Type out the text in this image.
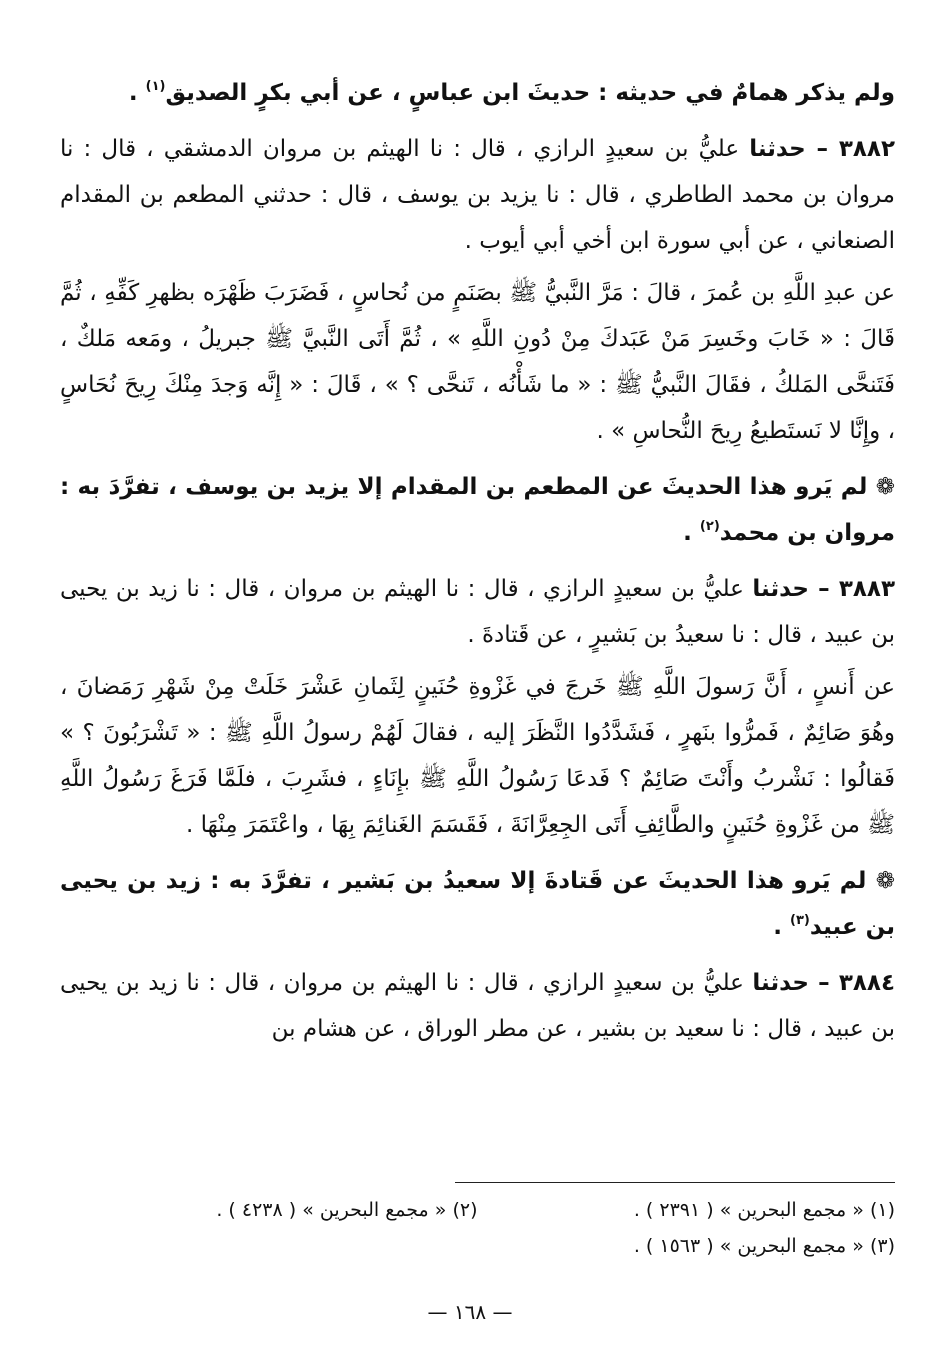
ولم يذكر همامٌ في حديثه : حديثَ ابن عباسٍ ، عن أبي بكرٍ الصديق$^{(١)}$ .

٣٨٨٢ – حدثنا عليُّ بن سعيدٍ الرازي ، قال : نا الهيثم بن مروان الدمشقي ، قال : نا مروان بن محمد الطاطري ، قال : نا يزيد بن يوسف ، قال : حدثني المطعم بن المقدام الصنعاني ، عن أبي سورة ابن أخي أبي أيوب .

عن عبدِ اللَّهِ بن عُمرَ ، قالَ : مَرَّ النَّبيُّ ﷺ بصَنَمٍ من نُحاسٍ ، فَضَرَبَ ظَهْرَه بظهرِ كَفِّهِ ، ثُمَّ قَالَ : « خَابَ وخَسِرَ مَنْ عَبَدكَ مِنْ دُونِ اللَّهِ » ، ثُمَّ أَتَى النَّبيَّ ﷺ جبريلُ ، ومَعه مَلكٌ ، فَتَنحَّى المَلكُ ، فقَالَ النَّبيُّ ﷺ : « ما شَأْنُه ، تَنحَّى ؟ » ، قَالَ : « إِنَّه وَجدَ مِنْكَ رِيحَ نُحَاسٍ ، وإِنَّا لا نَستَطيعُ رِيحَ النُّحاسِ » .

❁ لم يَرو هذا الحديثَ عن المطعم بن المقدام إلا يزيد بن يوسف ، تفرَّدَ به : مروان بن محمد$^{(٢)}$ .

٣٨٨٣ – حدثنا عليُّ بن سعيدٍ الرازي ، قال : نا الهيثم بن مروان ، قال : نا زيد بن يحيى بن عبيد ، قال : نا سعيدُ بن بَشيرٍ ، عن قَتادةَ .

عن أَنسٍ ، أَنَّ رَسولَ اللَّهِ ﷺ خَرجَ في غَزْوةِ حُنَينٍ لِثَمانِ عَشْرَ خَلَتْ مِنْ شَهْرِ رَمَضانَ ، وهُوَ صَائِمٌ ، فَمرُّوا بنَهرٍ ، فَشَدَّدُوا النَّظَرَ إليه ، فقالَ لَهُمْ رسولُ اللَّهِ ﷺ : « تَشْرَبُونَ ؟ » فَقالُوا : نَشْربُ وأَنْتَ صَائِمٌ ؟ فَدعَا رَسُولُ اللَّهِ ﷺ بإِنَاءٍ ، فشَرِبَ ، فلَمَّا فَرَغَ رَسُولُ اللَّهِ ﷺ من غَزْوةِ حُنَينٍ والطَّائِفِ أَتَى الجِعِرَّانَةَ ، فَقَسَمَ الغَنائِمَ بِهَا ، واعْتَمَرَ مِنْهَا .

❁ لم يَرو هذا الحديثَ عن قَتادةَ إلا سعيدُ بن بَشير ، تفرَّدَ به : زيد بن يحيى بن عبيد$^{(٣)}$ .

٣٨٨٤ – حدثنا عليُّ بن سعيدٍ الرازي ، قال : نا الهيثم بن مروان ، قال : نا زيد بن يحيى بن عبيد ، قال : نا سعيد بن بشير ، عن مطر الوراق ، عن هشام بن

(١) « مجمع البحرين » ( ٢٣٩١ ) .
(٢) « مجمع البحرين » ( ٤٢٣٨ ) .
(٣) « مجمع البحرين » ( ١٥٦٣ ) .
— ١٦٨ —
